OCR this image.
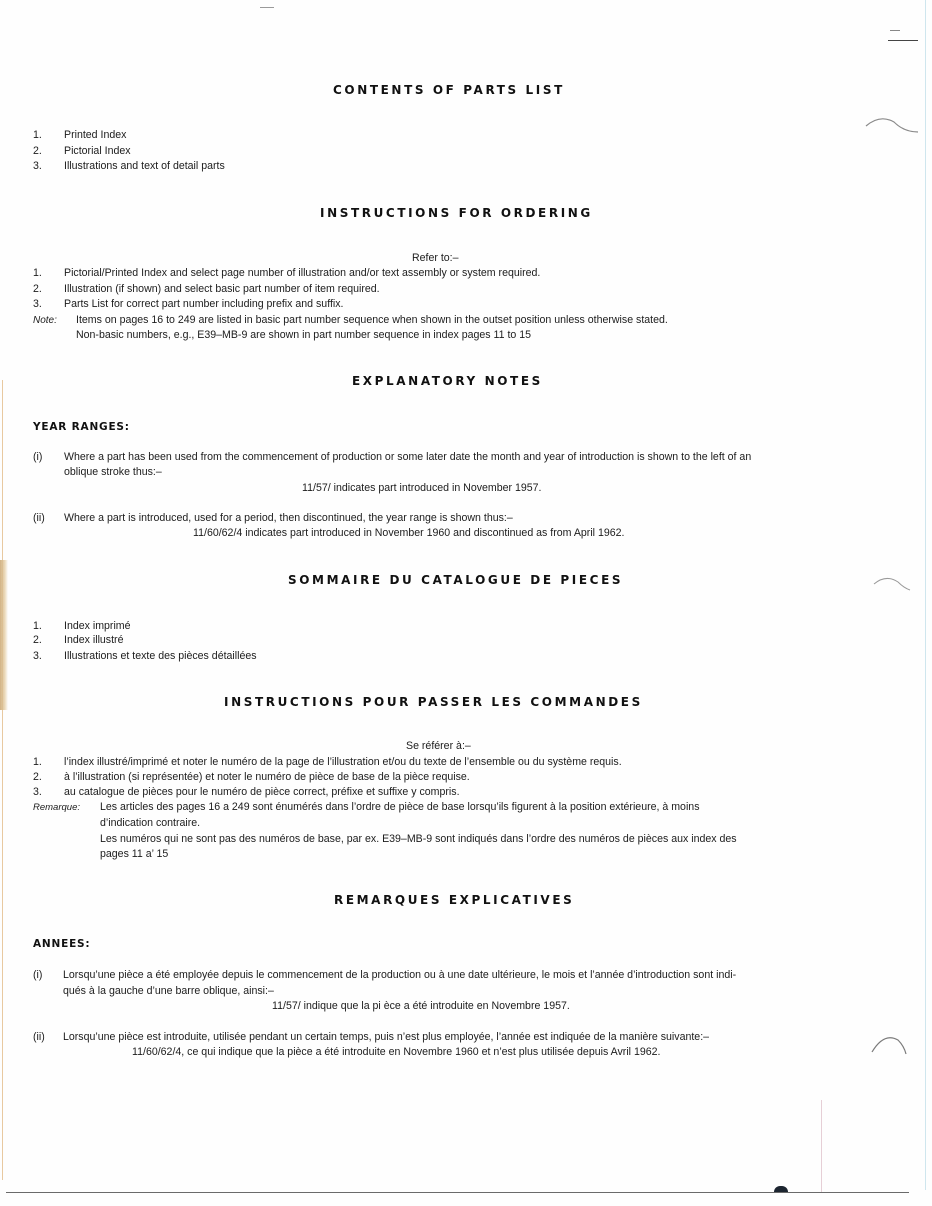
CONTENTS OF PARTS LIST
1. Printed Index
2. Pictorial Index
3. Illustrations and text of detail parts
INSTRUCTIONS FOR ORDERING
Refer to:–
1. Pictorial/Printed Index and select page number of illustration and/or text assembly or system required.
2. Illustration (if shown) and select basic part number of item required.
3. Parts List for correct part number including prefix and suffix.
Note: Items on pages 16 to 249 are listed in basic part number sequence when shown in the outset position unless otherwise stated.
Non-basic numbers, e.g., E39–MB-9 are shown in part number sequence in index pages 11 to 15
EXPLANATORY NOTES
YEAR RANGES:
(i) Where a part has been used from the commencement of production or some later date the month and year of introduction is shown to the left of an
oblique stroke thus:–
11/57/ indicates part introduced in November 1957.
(ii) Where a part is introduced, used for a period, then discontinued, the year range is shown thus:–
11/60/62/4 indicates part introduced in November 1960 and discontinued as from April 1962.
SOMMAIRE DU CATALOGUE DE PIECES
1. Index imprimé
2. Index illustré
3. Illustrations et texte des pièces détaillées
INSTRUCTIONS POUR PASSER LES COMMANDES
Se référer à:–
1. l’index illustré/imprimé et noter le numéro de la page de l’illustration et/ou du texte de l’ensemble ou du système requis.
2. à l’illustration (si représentée) et noter le numéro de pièce de base de la pièce requise.
3. au catalogue de pièces pour le numéro de pièce correct, préfixe et suffixe y compris.
Remarque: Les articles des pages 16 a 249 sont énumérés dans l’ordre de pièce de base lorsqu’ils figurent à la position extérieure, à moins
d’indication contraire.
Les numéros qui ne sont pas des numéros de base, par ex. E39–MB-9 sont indiqués dans l’ordre des numéros de pièces aux index des
pages 11 a’ 15
REMARQUES EXPLICATIVES
ANNEES:
(i) Lorsqu’une pièce a été employée depuis le commencement de la production ou à une date ultérieure, le mois et l’année d’introduction sont indi-
qués à la gauche d’une barre oblique, ainsi:–
11/57/ indique que la pi èce a été introduite en Novembre 1957.
(ii) Lorsqu’une pièce est introduite, utilisée pendant un certain temps, puis n’est plus employée, l’année est indiquée de la manière suivante:–
11/60/62/4, ce qui indique que la pièce a été introduite en Novembre 1960 et n’est plus utilisée depuis Avril 1962.
